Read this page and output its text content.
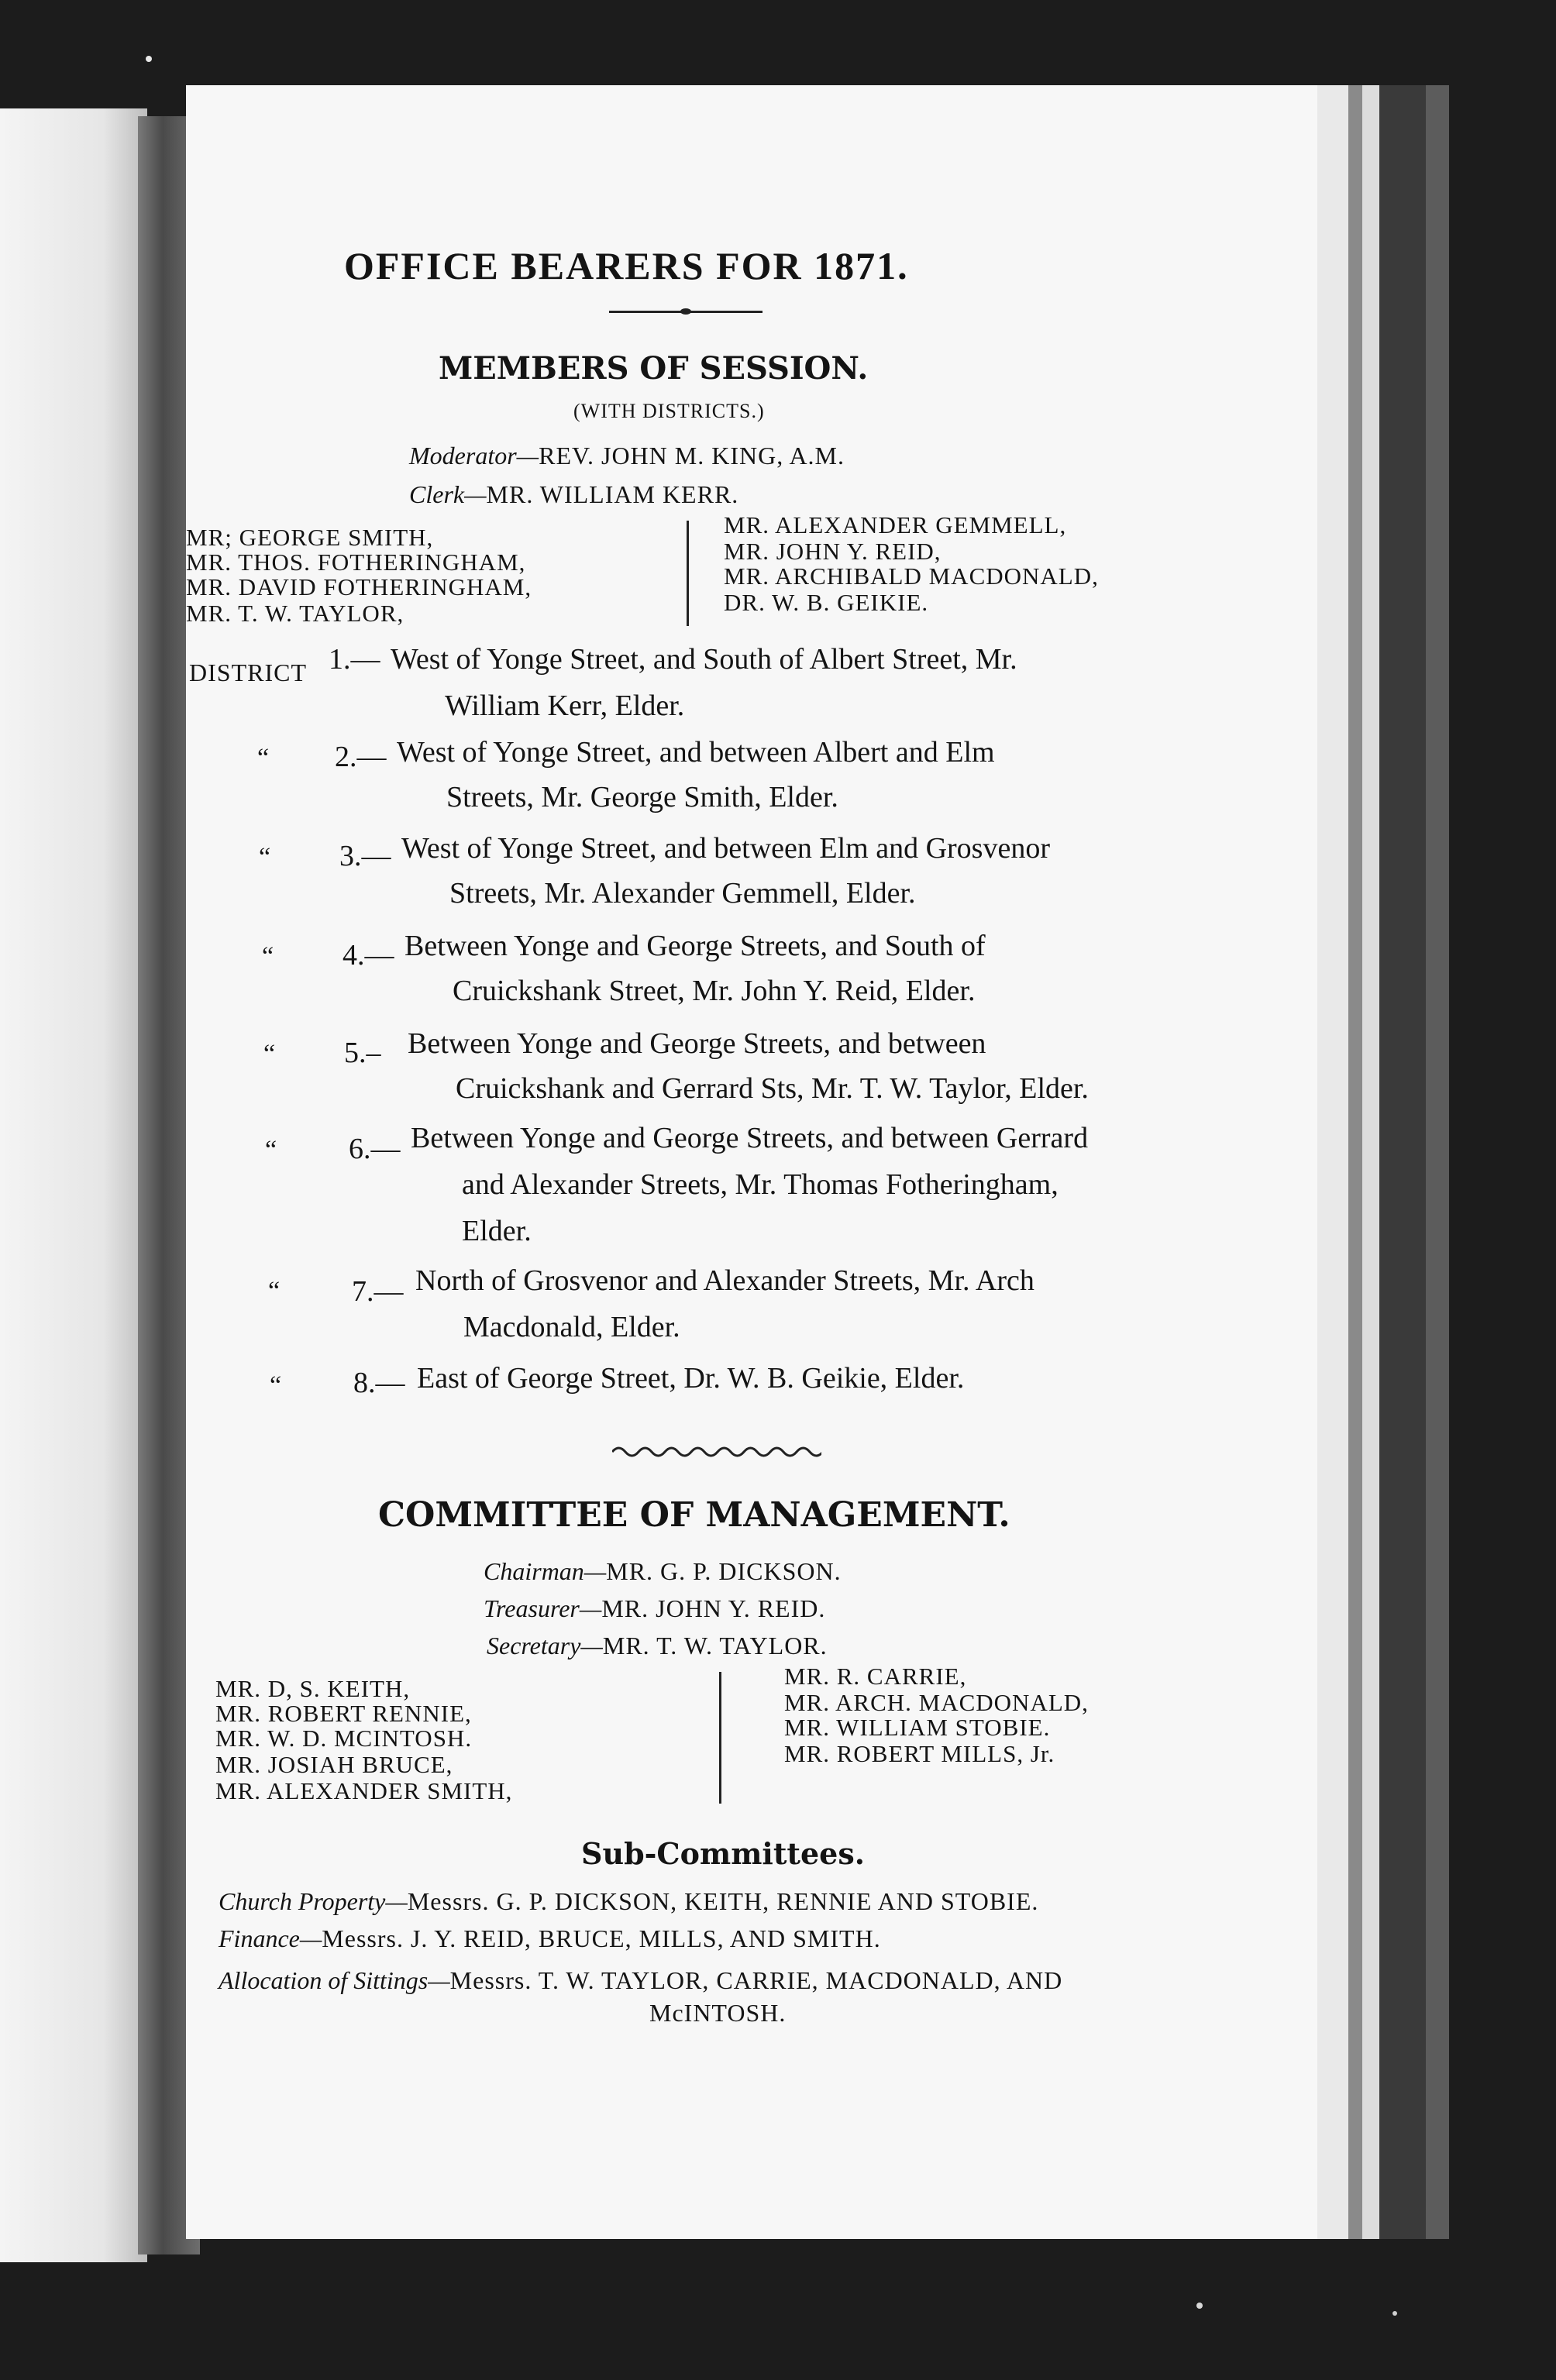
OFFICE BEARERS FOR 1871.
MEMBERS OF SESSION.
(WITH DISTRICTS.)
Moderator—REV. JOHN M. KING, A.M.
Clerk—MR. WILLIAM KERR.
MR; GEORGE SMITH,
MR. THOS. FOTHERINGHAM,
MR. DAVID FOTHERINGHAM,
MR. T. W. TAYLOR,
MR. ALEXANDER GEMMELL,
MR. JOHN Y. REID,
MR. ARCHIBALD MACDONALD,
DR. W. B. GEIKIE.
DISTRICT 1.— West of Yonge Street, and South of Albert Street, Mr.
William Kerr, Elder.
“ 2.— West of Yonge Street, and between Albert and Elm
Streets, Mr. George Smith, Elder.
“ 3.— West of Yonge Street, and between Elm and Grosvenor
Streets, Mr. Alexander Gemmell, Elder.
“ 4.— Between Yonge and George Streets, and South of
Cruickshank Street, Mr. John Y. Reid, Elder.
“ 5.– Between Yonge and George Streets, and between
Cruickshank and Gerrard Sts, Mr. T. W. Taylor, Elder.
“ 6.— Between Yonge and George Streets, and between Gerrard
and Alexander Streets, Mr. Thomas Fotheringham,
Elder.
“ 7.— North of Grosvenor and Alexander Streets, Mr. Arch
Macdonald, Elder.
“ 8.— East of George Street, Dr. W. B. Geikie, Elder.
COMMITTEE OF MANAGEMENT.
Chairman—MR. G. P. DICKSON.
Treasurer—MR. JOHN Y. REID.
Secretary—MR. T. W. TAYLOR.
MR. D, S. KEITH,
MR. ROBERT RENNIE,
MR. W. D. MCINTOSH.
MR. JOSIAH BRUCE,
MR. ALEXANDER SMITH,
MR. R. CARRIE,
MR. ARCH. MACDONALD,
MR. WILLIAM STOBIE.
MR. ROBERT MILLS, Jr.
Sub-Committees.
Church Property—Messrs. G. P. DICKSON, KEITH, RENNIE AND STOBIE.
Finance—Messrs. J. Y. REID, BRUCE, MILLS, AND SMITH.
Allocation of Sittings—Messrs. T. W. TAYLOR, CARRIE, MACDONALD, AND
McINTOSH.
